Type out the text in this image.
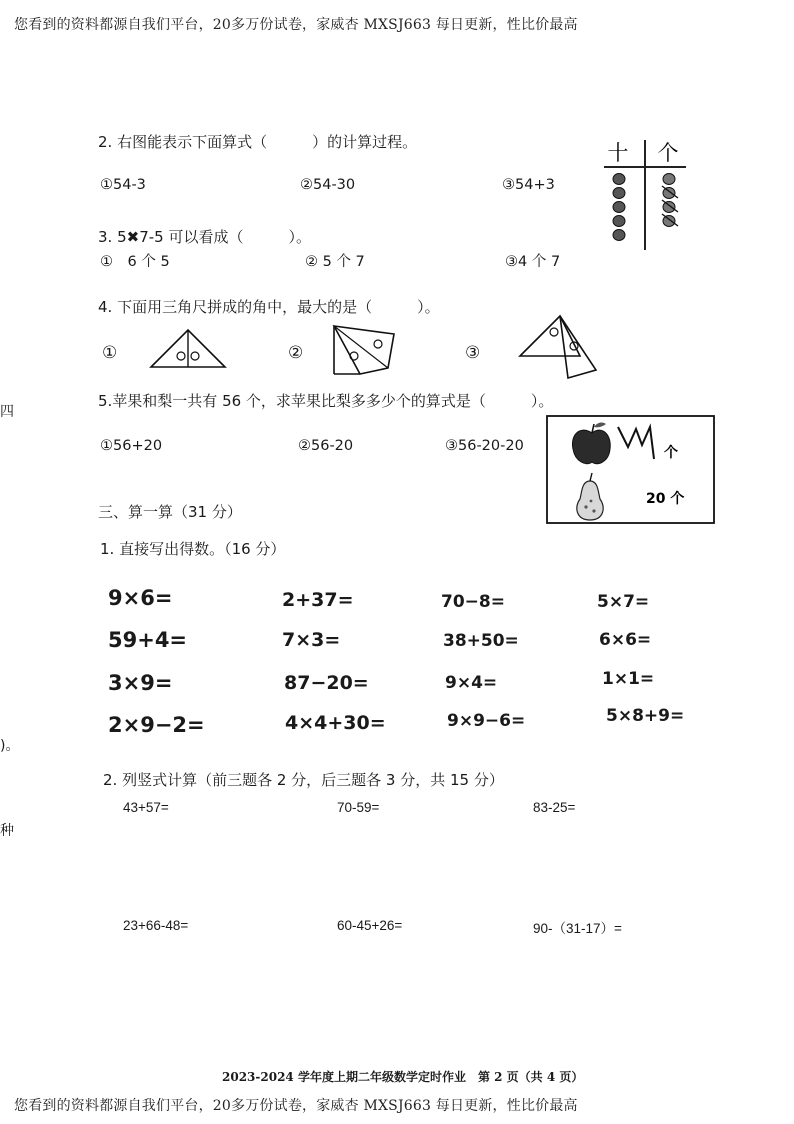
您看到的资料都源自我们平台，20多万份试卷，家威杏 MXSJ663 每日更新，性比价最高
四
)。
种
2. 右图能表示下面算式（　　　）的计算过程。
①54-3	②54-30	③54+3
十 个
3. 5✖7-5 可以看成（　　　）。
①　6 个 5	② 5 个 7	③4 个 7
4. 下面用三角尺拼成的角中，最大的是（　　　）。
①	②	③
5.苹果和梨一共有 56 个，求苹果比梨多多少个的算式是（　　　）。
①56+20	②56-20	③56-20-20	个
20 个
三、算一算（31 分）
1. 直接写出得数。（16 分）
9×6=	2+37=	70−8=	5×7=
59+4=	7×3=	38+50=	6×6=
3×9=	87−20=	9×4=	1×1=
2×9−2=	4×4+30=	9×9−6=	5×8+9=
2. 列竖式计算（前三题各 2 分，后三题各 3 分，共 15 分）
43+57=	70-59=	83-25=
23+66-48=	60-45+26=	90-（31-17）=
2023-2024 学年度上期二年级数学定时作业　第 2 页（共 4 页）
您看到的资料都源自我们平台，20多万份试卷，家威杏 MXSJ663 每日更新，性比价最高
